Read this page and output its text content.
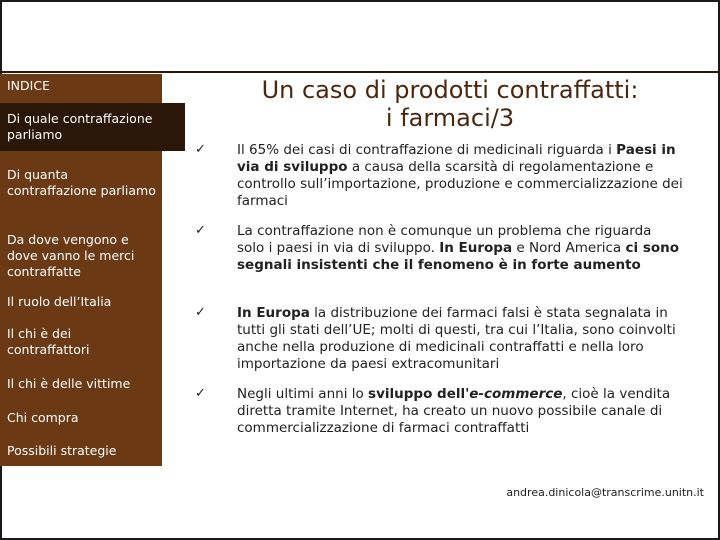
INDICE
Di quanta contraffazione parliamo
Da dove vengono e dove vanno le merci contraffatte
Il ruolo dell’Italia
Il chi è dei contraffattori
Il chi è delle vittime
Chi compra
Possibili strategie
Di quale contraffazione parliamo
Un caso di prodotti contraffatti:
i farmaci/3
✓ Il 65% dei casi di contraffazione di medicinali riguarda i Paesi in via di sviluppo a causa della scarsità di regolamentazione e controllo sull’importazione, produzione e commercializzazione dei farmaci
✓ La contraffazione non è comunque un problema che riguarda solo i paesi in via di sviluppo. In Europa e Nord America ci sono segnali insistenti che il fenomeno è in forte aumento
✓ In Europa la distribuzione dei farmaci falsi è stata segnalata in tutti gli stati dell’UE; molti di questi, tra cui l’Italia, sono coinvolti anche nella produzione di medicinali contraffatti e nella loro importazione da paesi extracomunitari
✓ Negli ultimi anni lo sviluppo dell'e-commerce, cioè la vendita diretta tramite Internet, ha creato un nuovo possibile canale di commercializzazione di farmaci contraffatti
andrea.dinicola@transcrime.unitn.it
